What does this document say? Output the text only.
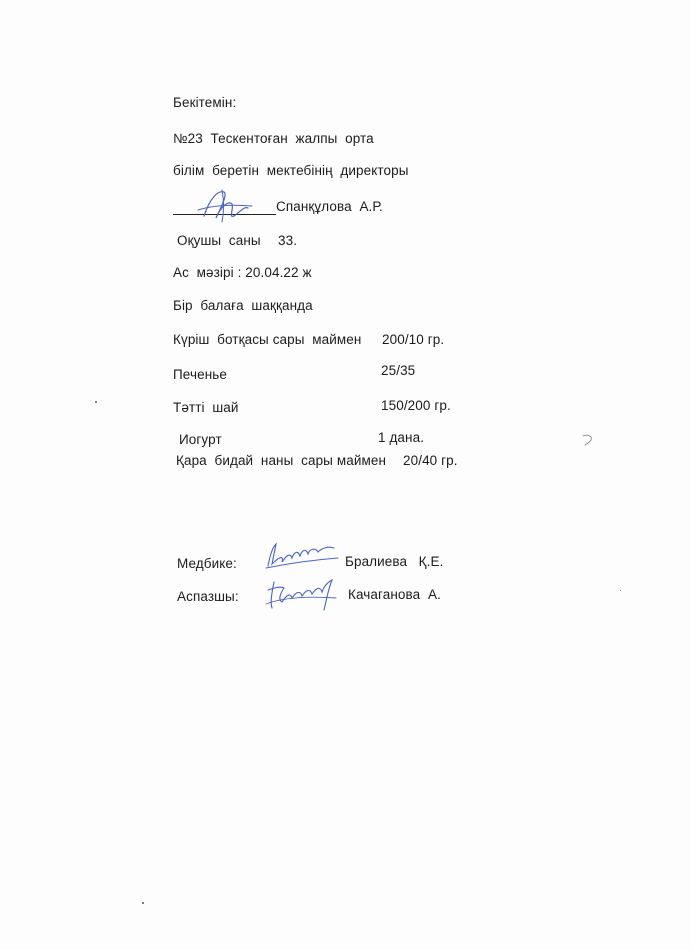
Бекітемін:
№23  Тескентоған  жалпы  орта
білім  беретін  мектебінің  директоры
Спанқұлова  А.Р.
Оқушы  саны 33.
Ас  мәзірі : 20.04.22 ж
Бір  балаға  шаққанда
Күріш  ботқасы сары  маймен 200/10 гр.
Печенье	25/35
Тәтті  шай	150/200 гр.
Иогурт	1 дана.
Қара  бидай  наны  сары маймен 20/40 гр.
Медбике:	Бралиева   Қ.Е.
Аспазшы:	Качаганова  А.
